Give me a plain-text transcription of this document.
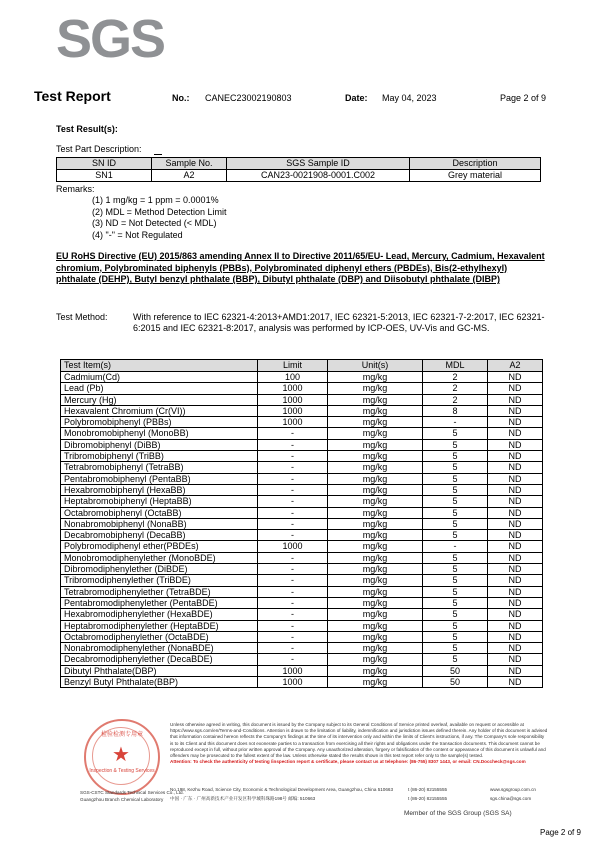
SGS
Test Report	No.: CANEC23002190803	Date: May 04, 2023	Page 2 of 9
Test Result(s):
Test Part Description:
SN ID	Sample No.	SGS Sample ID	Description
SN1	A2	CAN23-0021908-0001.C002	Grey material
Remarks:
(1) 1 mg/kg = 1 ppm = 0.0001%
(2) MDL = Method Detection Limit
(3) ND = Not Detected (< MDL)
(4) "-" = Not Regulated
EU RoHS Directive (EU) 2015/863 amending Annex II to Directive 2011/65/EU- Lead, Mercury, Cadmium, Hexavalent chromium, Polybrominated biphenyls (PBBs), Polybrominated diphenyl ethers (PBDEs), Bis(2-ethylhexyl) phthalate (DEHP), Butyl benzyl phthalate (BBP), Dibutyl phthalate (DBP) and Diisobutyl phthalate (DIBP)
Test Method:	With reference to IEC 62321-4:2013+AMD1:2017, IEC 62321-5:2013, IEC 62321-7-2:2017, IEC 62321-6:2015 and IEC 62321-8:2017, analysis was performed by ICP-OES, UV-Vis and GC-MS.
Test Item(s)	Limit	Unit(s)	MDL	A2
Cadmium(Cd)	100	mg/kg	2	ND
Lead (Pb)	1000	mg/kg	2	ND
Mercury (Hg)	1000	mg/kg	2	ND
Hexavalent Chromium (Cr(VI))	1000	mg/kg	8	ND
Polybromobiphenyl (PBBs)	1000	mg/kg	-	ND
Monobromobiphenyl (MonoBB)	-	mg/kg	5	ND
Dibromobiphenyl (DiBB)	-	mg/kg	5	ND
Tribromobiphenyl (TriBB)	-	mg/kg	5	ND
Tetrabromobiphenyl (TetraBB)	-	mg/kg	5	ND
Pentabromobiphenyl (PentaBB)	-	mg/kg	5	ND
Hexabromobiphenyl (HexaBB)	-	mg/kg	5	ND
Heptabromobiphenyl (HeptaBB)	-	mg/kg	5	ND
Octabromobiphenyl (OctaBB)	-	mg/kg	5	ND
Nonabromobiphenyl (NonaBB)	-	mg/kg	5	ND
Decabromobiphenyl (DecaBB)	-	mg/kg	5	ND
Polybromodiphenyl ether(PBDEs)	1000	mg/kg	-	ND
Monobromodiphenylether (MonoBDE)	-	mg/kg	5	ND
Dibromodiphenylether (DiBDE)	-	mg/kg	5	ND
Tribromodiphenylether (TriBDE)	-	mg/kg	5	ND
Tetrabromodiphenylether (TetraBDE)	-	mg/kg	5	ND
Pentabromodiphenylether (PentaBDE)	-	mg/kg	5	ND
Hexabromodiphenylether (HexaBDE)	-	mg/kg	5	ND
Heptabromodiphenylether (HeptaBDE)	-	mg/kg	5	ND
Octabromodiphenylether (OctaBDE)	-	mg/kg	5	ND
Nonabromodiphenylether (NonaBDE)	-	mg/kg	5	ND
Decabromodiphenylether (DecaBDE)	-	mg/kg	5	ND
Dibutyl Phthalate(DBP)	1000	mg/kg	50	ND
Benzyl Butyl Phthalate(BBP)	1000	mg/kg	50	ND
检验检测专用章
★
Inspection & Testing Services
Unless otherwise agreed in writing, this document is issued by the Company subject to its General Conditions of Service printed overleaf, available on request or accessible at https://www.sgs.com/en/Terms-and-Conditions. Attention is drawn to the limitation of liability, indemnification and jurisdiction issues defined therein. Any holder of this document is advised that information contained hereon reflects the Company's findings at the time of its intervention only and within the limits of Client's instructions, if any. The Company's sole responsibility is to its Client and this document does not exonerate parties to a transaction from exercising all their rights and obligations under the transaction documents. This document cannot be reproduced except in full, without prior written approval of the Company. Any unauthorized alteration, forgery or falsification of the content or appearance of this document is unlawful and offenders may be prosecuted to the fullest extent of the law. Unless otherwise stated the results shown in this test report refer only to the sample(s) tested.
Attention: To check the authenticity of testing /inspection report & certificate, please contact us at telephone: (86-755) 8307 1443, or email: CN.Doccheck@sgs.com
SGS-CSTC Standards Technical Services Co., Ltd.
Guangzhou Branch Chemical Laboratory
No.198, Kezhu Road, Science City, Economic & Technological Development Area, Guangzhou, China 510663
中国 · 广东 · 广州高新技术产业开发区科学城科珠路198号 邮编: 510663
t (86-20) 82155555
t (86-20) 82155555
www.sgsgroup.com.cn
sgs.china@sgs.com
Member of the SGS Group (SGS SA)
Page 2 of 9
